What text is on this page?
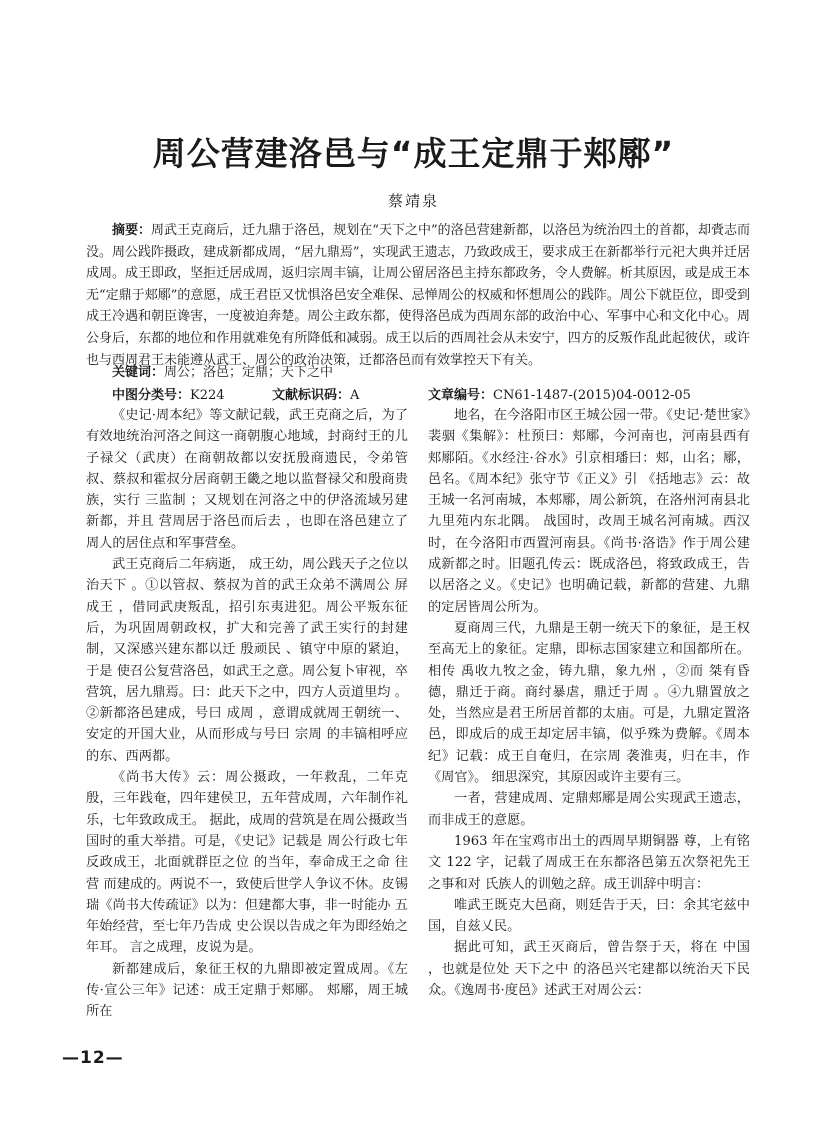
周公营建洛邑与“成王定鼎于郏鄏”
蔡靖泉
摘要：周武王克商后，迁九鼎于洛邑，规划在“天下之中”的洛邑营建新都，以洛邑为统治四土的首都，却賫志而没。周公践阼摄政，建成新都成周，“居九鼎焉”，实现武王遗志，乃致政成王，要求成王在新都举行元祀大典并迁居成周。成王即政，坚拒迁居成周，返归宗周丰镐，让周公留居洛邑主持东都政务，令人费解。析其原因，或是成王本无“定鼎于郏鄏”的意愿，成王君臣又忧惧洛邑安全难保、忌惮周公的权威和怀想周公的践阼。周公下就臣位，即受到成王冷遇和朝臣谗害，一度被迫奔楚。周公主政东都，使得洛邑成为西周东部的政治中心、军事中心和文化中心。周公身后，东都的地位和作用就难免有所降低和减弱。成王以后的西周社会从未安宁，四方的反叛作乱此起彼伏，或许也与西周君王未能遵从武王、周公的政治决策，迁都洛邑而有效掌控天下有关。
关键词：周公；洛邑；定鼎；天下之中
中图分类号：K224	文献标识码：A	文章编号：CN61-1487-(2015)04-0012-05

《史记·周本纪》等文献记载，武王克商之后，为了有效地统治河洛之间这一商朝腹心地域，封商纣王的儿子禄父（武庚）在商朝故都以安抚殷商遗民，令弟管叔、蔡叔和霍叔分居商朝王畿之地以监督禄父和殷商贵族，实行 三监制 ；又规划在河洛之中的伊洛流域另建新都，并且 营周居于洛邑而后去 ，也即在洛邑建立了周人的居住点和军事营垒。

武王克商后二年病逝， 成王幼，周公践天子之位以治天下 。①以管叔、蔡叔为首的武王众弟不满周公 屏成王 ，借同武庚叛乱，招引东夷进犯。周公平叛东征后，为巩固周朝政权，扩大和完善了武王实行的封建制，又深感兴建东都以迁 殷顽民 、镇守中原的紧迫，于是 使召公复营洛邑，如武王之意。周公复卜审视，卒营筑，居九鼎焉。曰：此天下之中，四方人贡道里均 。②新都洛邑建成，号曰 成周 ，意谓成就周王朝统一、安定的开国大业，从而形成与号曰 宗周 的丰镐相呼应的东、西两都。

《尚书大传》云：周公摄政，一年救乱，二年克殷，三年践奄，四年建侯卫，五年营成周，六年制作礼乐，七年致政成王。 据此，成周的营筑是在周公摄政当国时的重大举措。可是，《史记》记载是 周公行政七年 反政成王，北面就群臣之位 的当年，奉命成王之命 往营 而建成的。两说不一，致使后世学人争议不休。皮锡瑞《尚书大传疏证》以为：但建都大事，非一时能办 五年始经营，至七年乃告成 史公误以告成之年为即经始之年耳。 言之成理，皮说为是。

新都建成后，象征王权的九鼎即被定置成周。《左传·宣公三年》记述：成王定鼎于郏鄏。 郏鄏，周王城所在

地名，在今洛阳市区王城公园一带。《史记·楚世家》裴骃《集解》：杜预曰：郏鄏，今河南也，河南县西有郏鄏陌。《水经注·谷水》引京相璠曰：郏，山名；鄏，邑名。《周本纪》张守节《正义》引 《括地志》云：故王城一名河南城，本郏鄏，周公新筑，在洛州河南县北九里苑内东北隅。 战国时，改周王城名河南城。西汉时，在今洛阳市西置河南县。《尚书·洛诰》作于周公建成新都之时。旧题孔传云：既成洛邑，将致政成王，告以居洛之义。《史记》也明确记载，新都的营建、九鼎的定居皆周公所为。

夏商周三代，九鼎是王朝一统天下的象征，是王权至高无上的象征。定鼎，即标志国家建立和国都所在。相传 禹收九牧之金，铸九鼎，象九州 ，②而 桀有昏德，鼎迁于商。商纣暴虐，鼎迁于周 。④九鼎置放之处，当然应是君王所居首都的太庙。可是，九鼎定置洛邑，即成后的成王却定居丰镐，似乎殊为费解。《周本纪》记载：成王自奄归，在宗周 袭淮夷，归在丰，作《周官》。 细思深究，其原因或许主要有三。

一者，营建成周、定鼎郏鄏是周公实现武王遗志，而非成王的意愿。

1963 年在宝鸡市出土的西周早期铜器 尊，上有铭文 122 字，记载了周成王在东都洛邑第五次祭祀先王之事和对 氏族人的训勉之辞。成王训辞中明言：

唯武王既克大邑商，则廷告于天，曰：余其宅兹中国，自兹乂民。

据此可知，武王灭商后，曾告祭于天，将在 中国 ，也就是位处 天下之中 的洛邑兴宅建都以统治天下民众。《逸周书·度邑》述武王对周公云：

—12—
